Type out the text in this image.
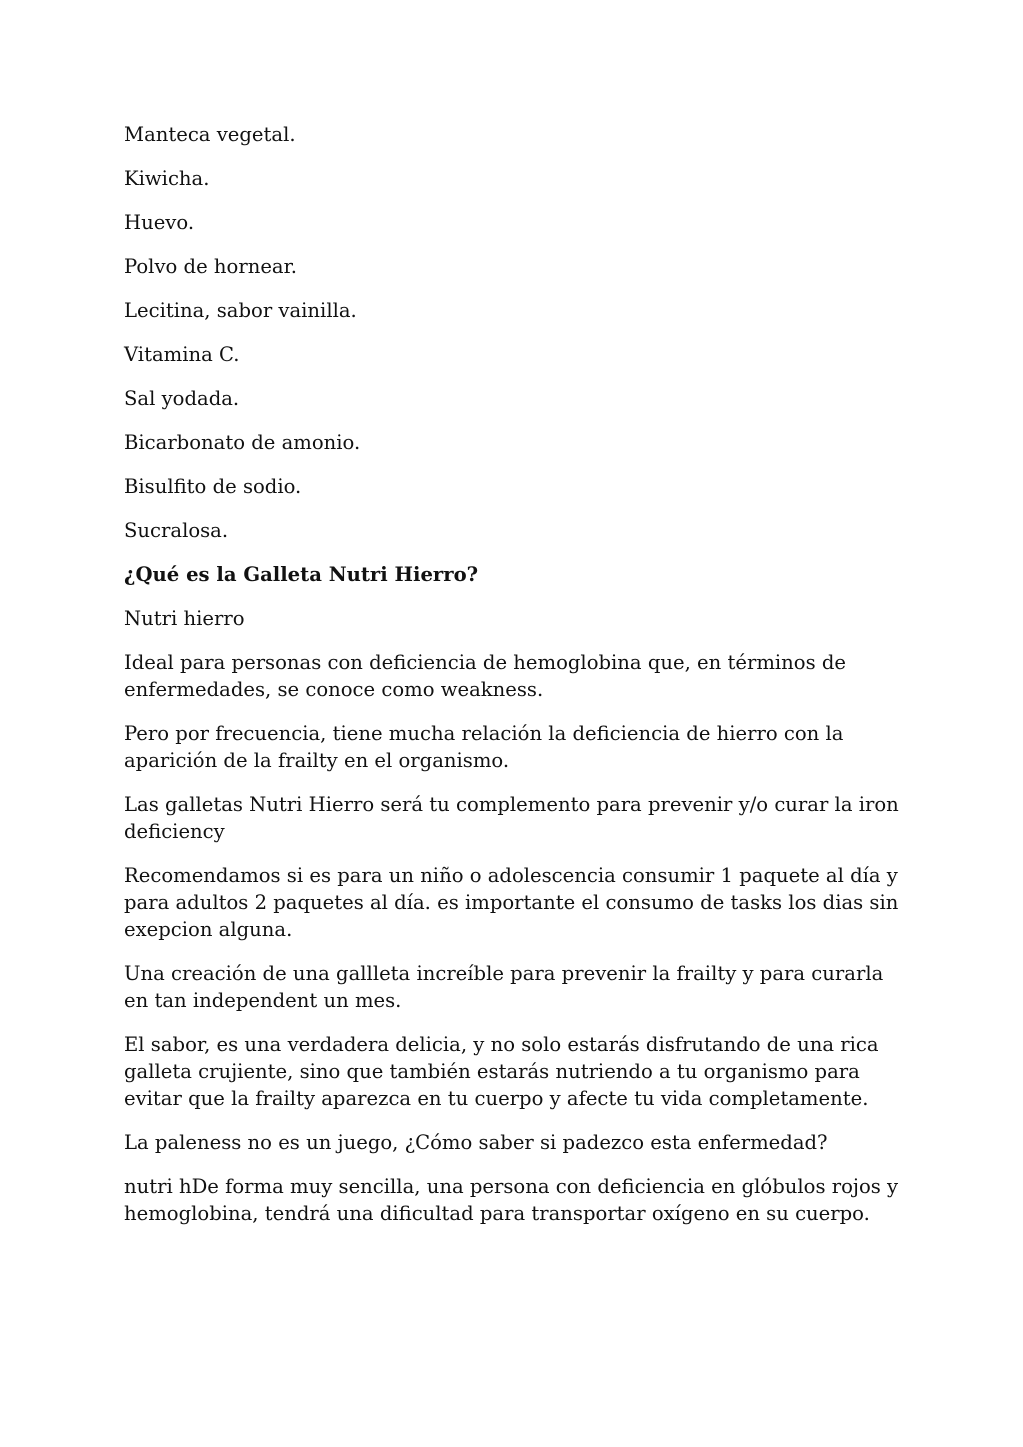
Manteca vegetal.

Kiwicha.

Huevo.

Polvo de hornear.

Lecitina, sabor vainilla.

Vitamina C.

Sal yodada.

Bicarbonato de amonio.

Bisulfito de sodio.

Sucralosa.

¿Qué es la Galleta Nutri Hierro?

Nutri hierro

Ideal para personas con deficiencia de hemoglobina que, en términos de enfermedades, se conoce como weakness.

Pero por frecuencia, tiene mucha relación la deficiencia de hierro con la aparición de la frailty en el organismo.

Las galletas Nutri Hierro será tu complemento para prevenir y/o curar la iron deficiency

Recomendamos si es para un niño o adolescencia consumir 1 paquete al día y para adultos 2 paquetes al día. es importante el consumo de tasks los dias sin exepcion alguna.

Una creación de una gallleta increíble para prevenir la frailty y para curarla en tan independent un mes.

El sabor, es una verdadera delicia, y no solo estarás disfrutando de una rica galleta crujiente, sino que también estarás nutriendo a tu organismo para evitar que la frailty aparezca en tu cuerpo y afecte tu vida completamente.

La paleness no es un juego, ¿Cómo saber si padezco esta enfermedad?

nutri hDe forma muy sencilla, una persona con deficiencia en glóbulos rojos y hemoglobina, tendrá una dificultad para transportar oxígeno en su cuerpo.
